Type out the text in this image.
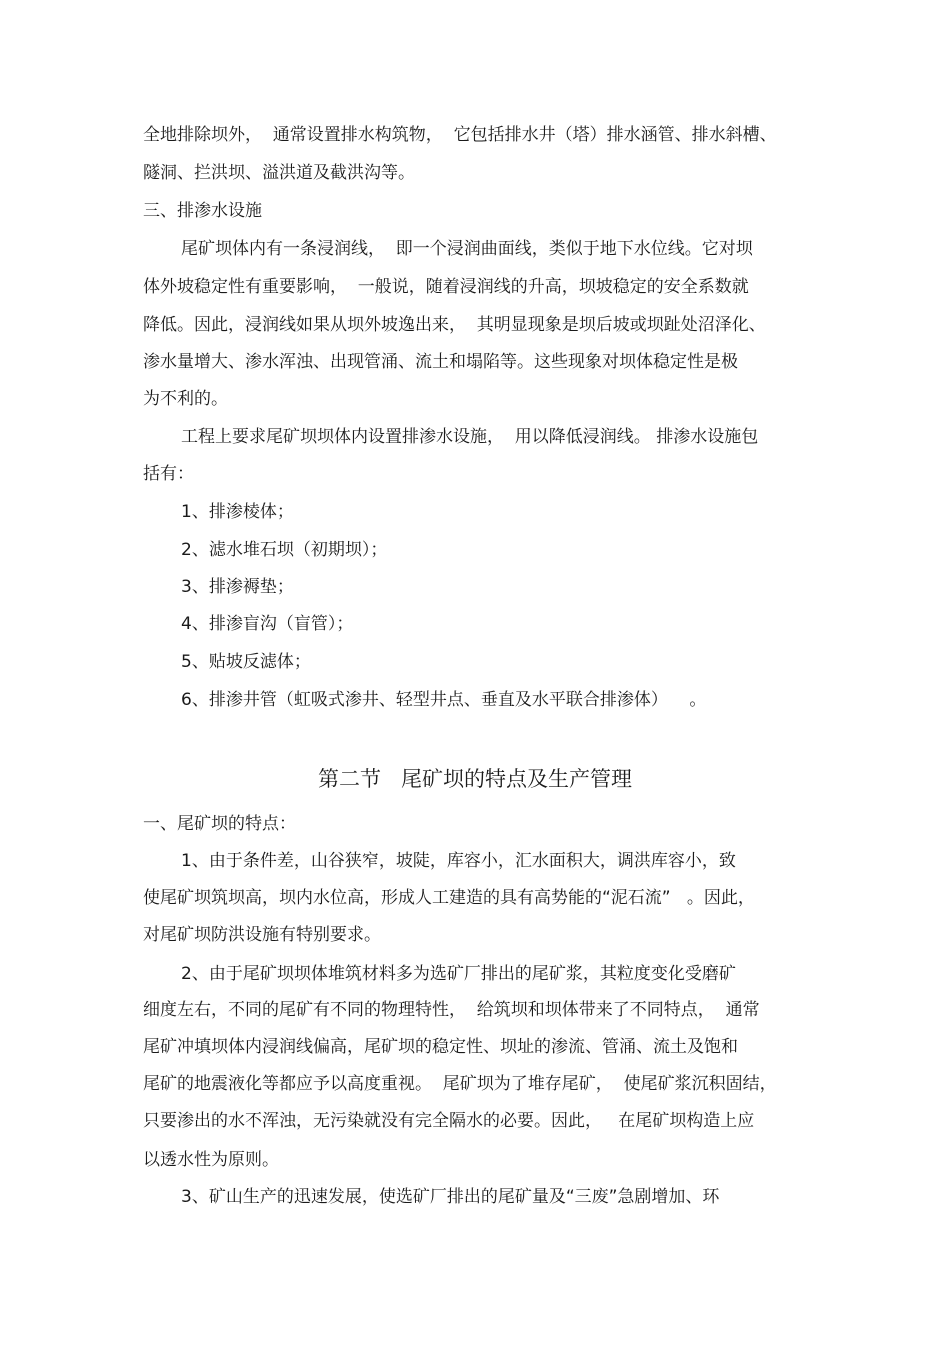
全地排除坝外，  通常设置排水构筑物，  它包括排水井（塔）排水涵管、排水斜槽、
隧洞、拦洪坝、溢洪道及截洪沟等。
三、排渗水设施
尾矿坝体内有一条浸润线，  即一个浸润曲面线，类似于地下水位线。它对坝
体外坡稳定性有重要影响，  一般说，随着浸润线的升高，坝坡稳定的安全系数就
降低。因此，浸润线如果从坝外坡逸出来，  其明显现象是坝后坡或坝趾处沼泽化、
渗水量增大、渗水浑浊、出现管涌、流土和塌陷等。这些现象对坝体稳定性是极
为不利的。
工程上要求尾矿坝坝体内设置排渗水设施，  用以降低浸润线。 排渗水设施包
括有：
1、排渗棱体；
2、滤水堆石坝（初期坝）；
3、排渗褥垫；
4、排渗盲沟（盲管）；
5、贴坡反滤体；
6、排渗井管（虹吸式渗井、轻型井点、垂直及水平联合排渗体）    。
第二节   尾矿坝的特点及生产管理
一、尾矿坝的特点：
1、由于条件差，山谷狭窄，坡陡，库容小，汇水面积大，调洪库容小，致
使尾矿坝筑坝高，坝内水位高，形成人工建造的具有高势能的“泥石流”   。因此，
对尾矿坝防洪设施有特别要求。
2、由于尾矿坝坝体堆筑材料多为选矿厂排出的尾矿浆，其粒度变化受磨矿
细度左右，不同的尾矿有不同的物理特性，  给筑坝和坝体带来了不同特点，  通常
尾矿冲填坝体内浸润线偏高，尾矿坝的稳定性、坝址的渗流、管涌、流土及饱和
尾矿的地震液化等都应予以高度重视。  尾矿坝为了堆存尾矿，  使尾矿浆沉积固结，
只要渗出的水不浑浊，无污染就没有完全隔水的必要。因此，   在尾矿坝构造上应
以透水性为原则。
3、矿山生产的迅速发展，使选矿厂排出的尾矿量及“三废”急剧增加、环
